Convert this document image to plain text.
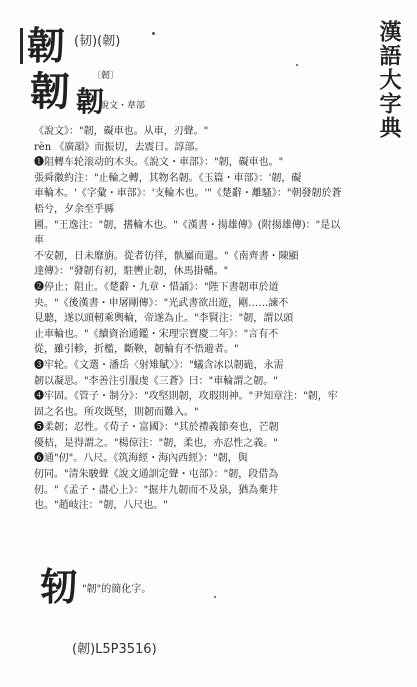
韌 (韧)(韌)	漢語大字典
韌 〔韌〕
韌
說文・韋部

《說文》："韌，礙車也。从車，刃聲。"

rèn 《廣韻》而振切，去震日。諄部。

❶阻轉车轮滚动的木头。《說文・車部》："韌，礙車也。"

張舜徽約注："止輪之轉，其物名韌。《玉篇・車部》：'韌，礙

車輪木。'《字彙・車部》：'支輪木也。'"《楚辭・離騷》："朝發韌於蒼梧兮，夕余至乎縣

圃。"王逸注："韌，搘輪木也。"《漢書・揚雄傳》(附揚雄傳)："是以車

不安韌，日未靡旃。從者彷徉，骫屬而還。"《南齊書・陳顯

達傳》："發韌有初，駐轡止韌，休馬掛轓。"

❷停止；阻止。《楚辭・九章・惜誦》："陛下書韌車於道

央。"《後漢書・申屠剛傳》："光武書欲出遊，剛……諫不

見聽，遂以頭軔乘輿輪，帝遂為止。"李賢注："韌，謂以頭

止車輪也。"《續資治通鑑・宋理宗寶慶二年》："言有不

從，雖引軫，折檻，斷鞅，韌輪有不悟避者。"

❸牢轮。《文選・潘岳〈射雉賦〉》："蟻含冰以韌硊，永需

韌以凝思。"李善注引服虔《三蒼》曰："車輪謂之韌。"

❹牢固。《管子・制分》："攻堅則韌，攻瑕則神。"尹知章注："韌，牢

固之名也。所攻既堅，則韌而難入。"

❺柔韌；忍性。《荀子・富國》："其於禮義節奏也，芒韌

優桔，是得謂之。"楊倞注："韌，柔也，亦忍性之義。"

❻通"仞"。八尺。《筑海經・海內西經》："韌，與

仞同。"清朱駿聲《說文通訓定聲・屯部》："韌，段借為

仞。"《孟子・盡心上》："掘井九韌而不及泉，猶為棄井

也。"趙岐注："韌，八尺也。"

轫 "韌"的簡化字。
(韌)L5P3516)
